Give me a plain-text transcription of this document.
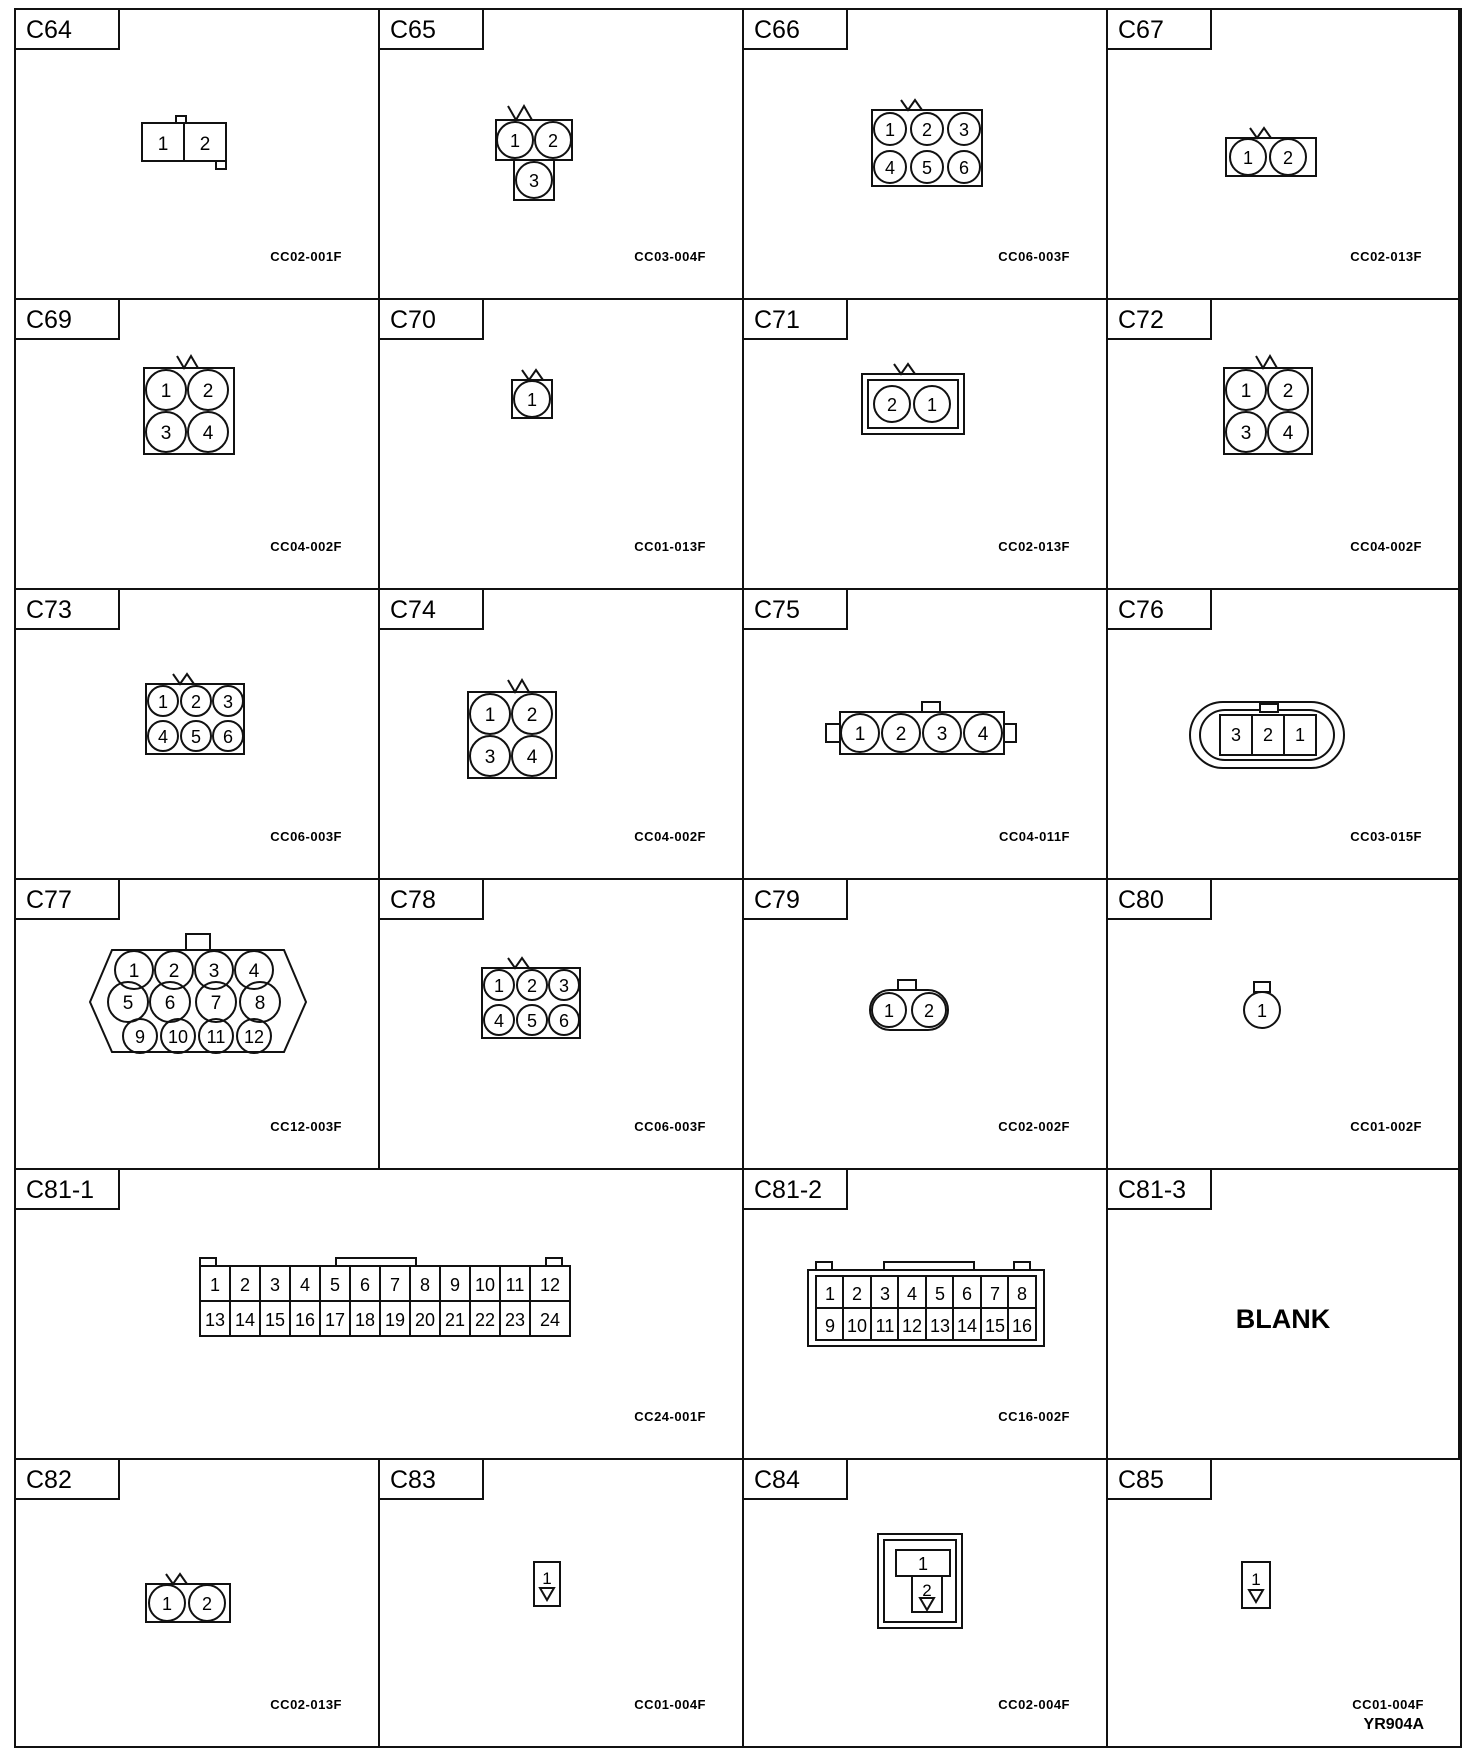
C64
1 2
CC02-001F
C65
1 2
3
CC03-004F
C66
1 2 3
4 5 6
CC06-003F
C67
1 2
CC02-013F
C69
1 2
3 4
CC04-002F
C70
1
CC01-013F
C71
2 1
CC02-013F
C72
1 2
3 4
CC04-002F
C73
1 2 3
4 5 6
CC06-003F
C74
1 2
3 4
CC04-002F
C75
1 2 3 4
CC04-011F
C76
3 2 1
CC03-015F
C77
1 2 3 4
5 6 7 8
9 10 11 12
CC12-003F
C78
1 2 3
4 5 6
CC06-003F
C79
1 2
CC02-002F
C80
1
CC01-002F
C81-1
1 2 3 4 5 6 7 8 9 10 11 12
13 14 15 16 17 18 19 20 21 22 23 24
CC24-001F
C81-2
1 2 3 4 5 6 7 8
9 10 11 12 13 14 15 16
CC16-002F
C81-3
BLANK
C82
1 2
CC02-013F
C83
1
CC01-004F
C84
1
2
CC02-004F
C85
1
CC01-004F
YR904A
